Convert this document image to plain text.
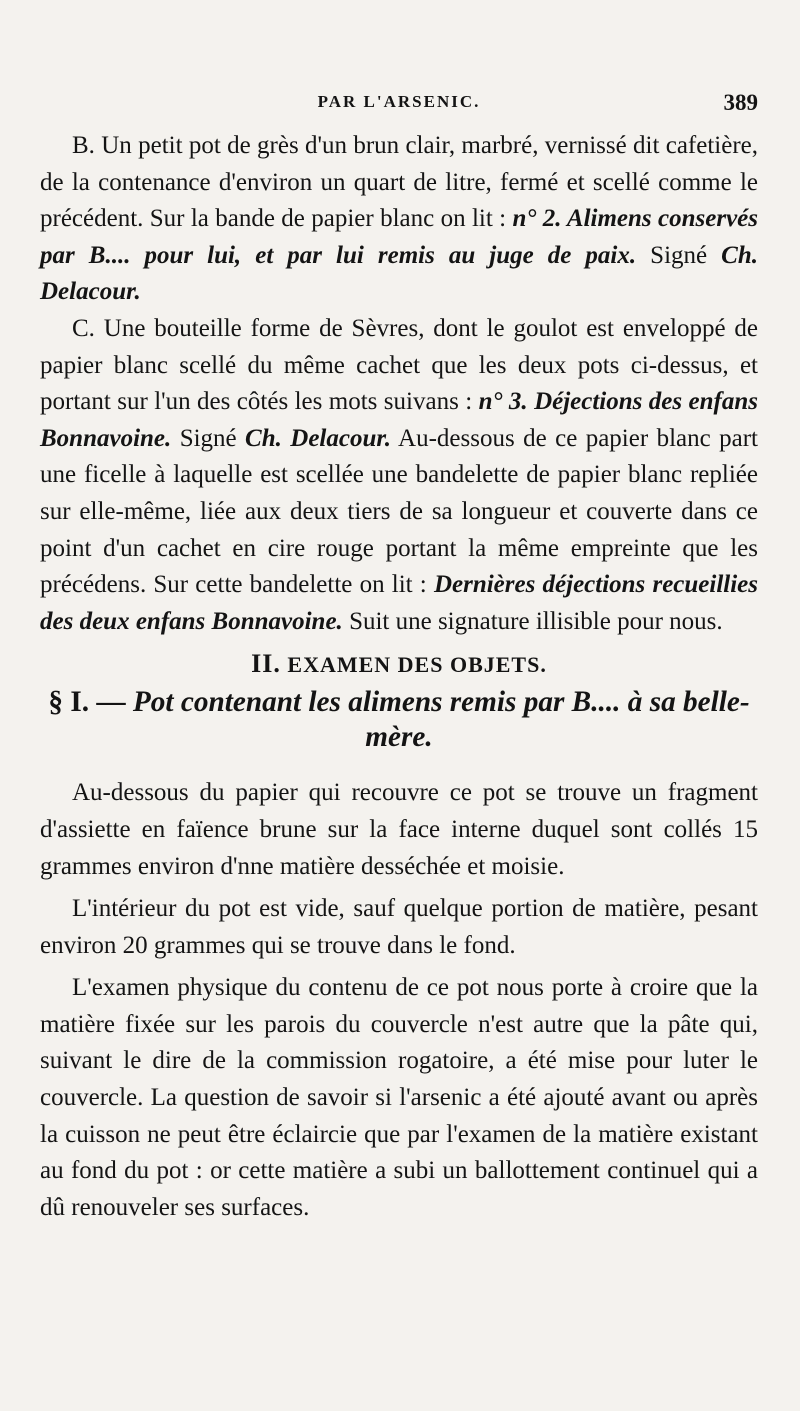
PAR L'ARSENIC.	389

B. Un petit pot de grès d'un brun clair, marbré, vernissé dit cafetière, de la contenance d'environ un quart de litre, fermé et scellé comme le précédent. Sur la bande de papier blanc on lit : n° 2. Alimens conservés par B.... pour lui, et par lui remis au juge de paix. Signé Ch. Delacour.

C. Une bouteille forme de Sèvres, dont le goulot est enveloppé de papier blanc scellé du même cachet que les deux pots ci-dessus, et portant sur l'un des côtés les mots suivans : n° 3. Déjections des enfans Bonnavoine. Signé Ch. Delacour. Au-dessous de ce papier blanc part une ficelle à laquelle est scellée une bandelette de papier blanc repliée sur elle-même, liée aux deux tiers de sa longueur et couverte dans ce point d'un cachet en cire rouge portant la même empreinte que les précédens. Sur cette bandelette on lit : Dernières déjections recueillies des deux enfans Bonnavoine. Suit une signature illisible pour nous.

II. EXAMEN DES OBJETS.
§ I. — Pot contenant les alimens remis par B.... à sa belle-mère.

Au-dessous du papier qui recouvre ce pot se trouve un fragment d'assiette en faïence brune sur la face interne duquel sont collés 15 grammes environ d'nne matière desséchée et moisie.

L'intérieur du pot est vide, sauf quelque portion de matière, pesant environ 20 grammes qui se trouve dans le fond.

L'examen physique du contenu de ce pot nous porte à croire que la matière fixée sur les parois du couvercle n'est autre que la pâte qui, suivant le dire de la commission rogatoire, a été mise pour luter le couvercle. La question de savoir si l'arsenic a été ajouté avant ou après la cuisson ne peut être éclaircie que par l'examen de la matière existant au fond du pot : or cette matière a subi un ballottement continuel qui a dû renouveler ses surfaces.
